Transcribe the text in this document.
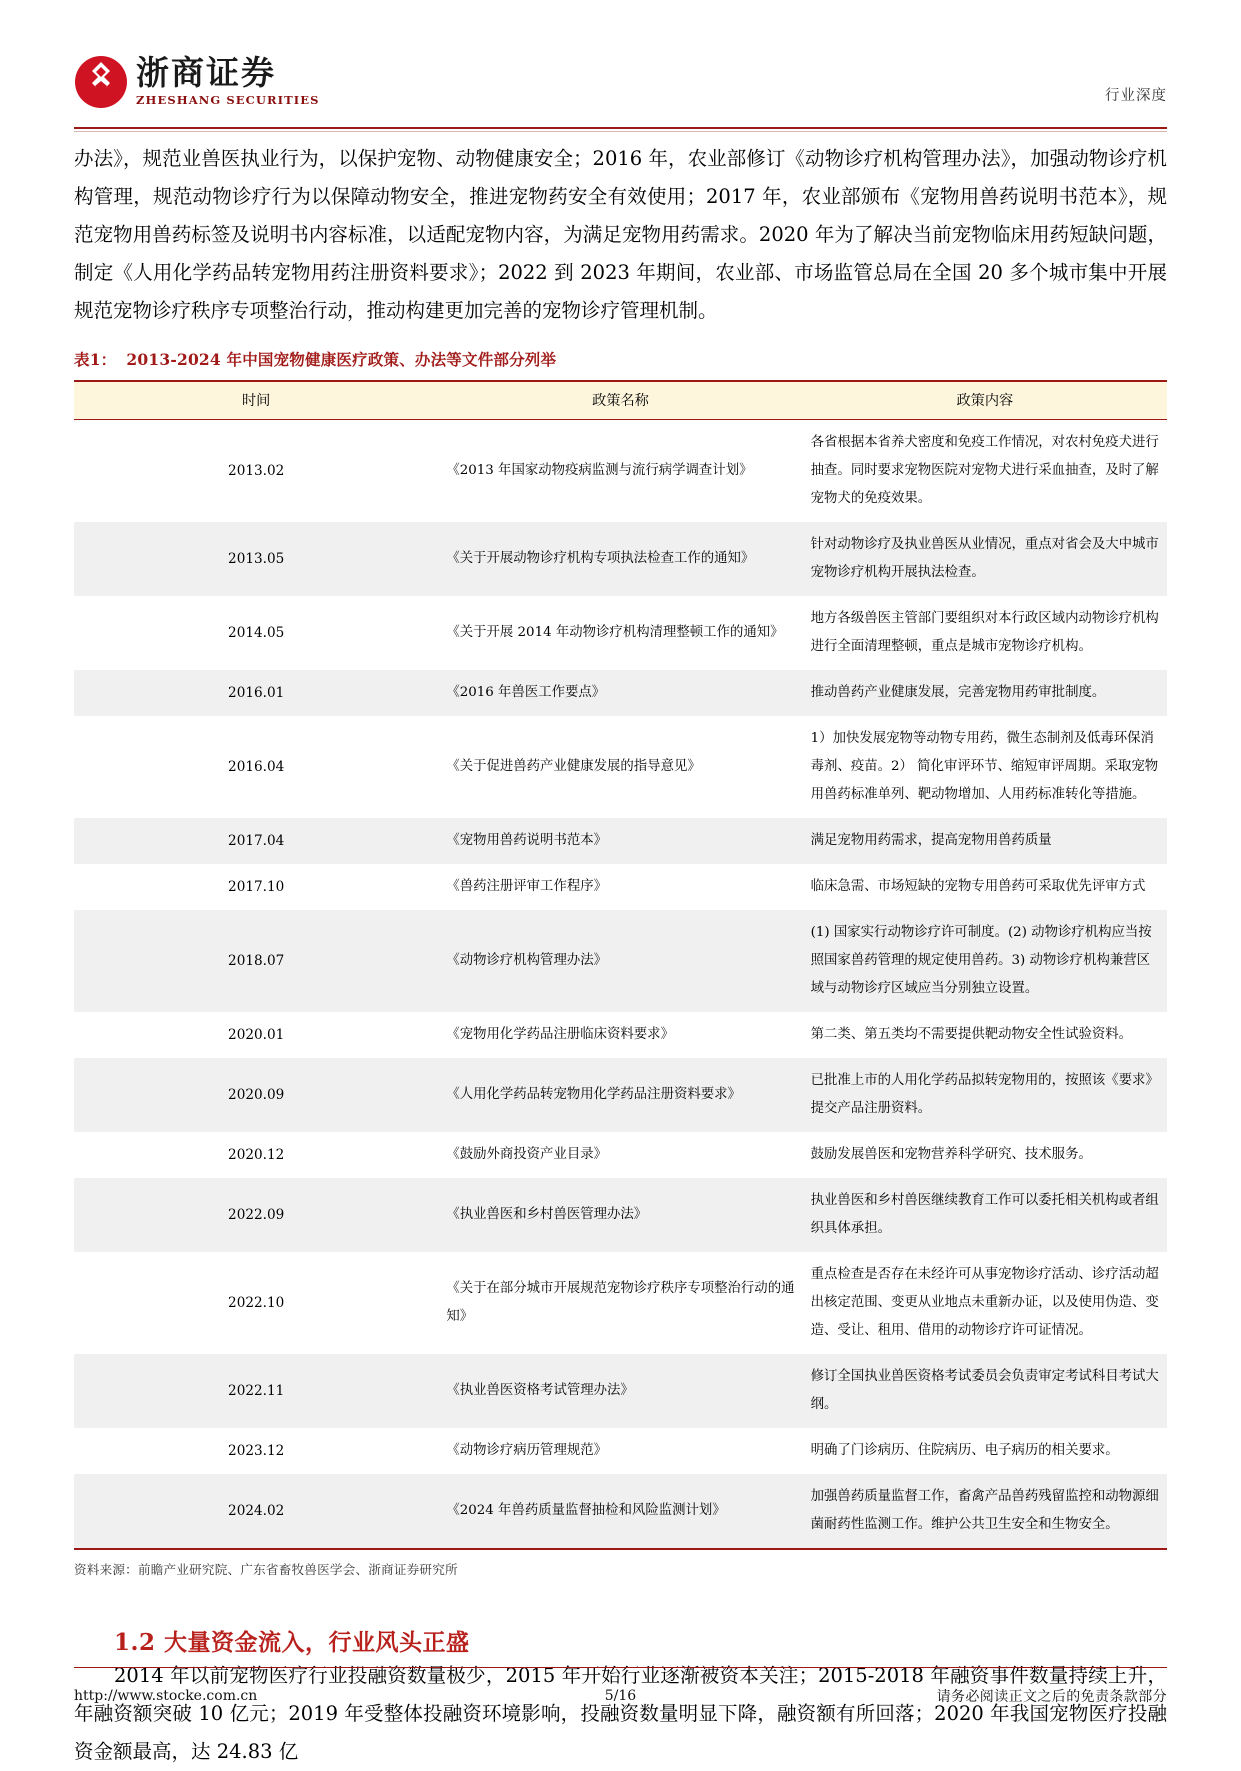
浙商证券
ZHESHANG SECURITIES	行业深度

办法》，规范业兽医执业行为，以保护宠物、动物健康安全；2016 年，农业部修订《动物诊疗机构管理办法》，加强动物诊疗机构管理，规范动物诊疗行为以保障动物安全，推进宠物药安全有效使用；2017 年，农业部颁布《宠物用兽药说明书范本》，规范宠物用兽药标签及说明书内容标准，以适配宠物内容，为满足宠物用药需求。2020 年为了解决当前宠物临床用药短缺问题，制定《人用化学药品转宠物用药注册资料要求》；2022 到 2023 年期间，农业部、市场监管总局在全国 20 多个城市集中开展规范宠物诊疗秩序专项整治行动，推动构建更加完善的宠物诊疗管理机制。

表1： 2013-2024 年中国宠物健康医疗政策、办法等文件部分列举
时间	政策名称	政策内容
2013.02	《2013 年国家动物疫病监测与流行病学调查计划》	各省根据本省养犬密度和免疫工作情况，对农村免疫犬进行抽查。同时要求宠物医院对宠物犬进行采血抽查，及时了解宠物犬的免疫效果。
2013.05	《关于开展动物诊疗机构专项执法检查工作的通知》	针对动物诊疗及执业兽医从业情况，重点对省会及大中城市宠物诊疗机构开展执法检查。
2014.05	《关于开展 2014 年动物诊疗机构清理整顿工作的通知》	地方各级兽医主管部门要组织对本行政区域内动物诊疗机构进行全面清理整顿，重点是城市宠物诊疗机构。
2016.01	《2016 年兽医工作要点》	推动兽药产业健康发展，完善宠物用药审批制度。
2016.04	《关于促进兽药产业健康发展的指导意见》	1）加快发展宠物等动物专用药，微生态制剂及低毒环保消毒剂、疫苗。2） 简化审评环节、缩短审评周期。采取宠物用兽药标准单列、靶动物增加、人用药标准转化等措施。
2017.04	《宠物用兽药说明书范本》	满足宠物用药需求，提高宠物用兽药质量
2017.10	《兽药注册评审工作程序》	临床急需、市场短缺的宠物专用兽药可采取优先评审方式
2018.07	《动物诊疗机构管理办法》	(1) 国家实行动物诊疗许可制度。(2) 动物诊疗机构应当按照国家兽药管理的规定使用兽药。3) 动物诊疗机构兼营区域与动物诊疗区域应当分别独立设置。
2020.01	《宠物用化学药品注册临床资料要求》	第二类、第五类均不需要提供靶动物安全性试验资料。
2020.09	《人用化学药品转宠物用化学药品注册资料要求》	已批准上市的人用化学药品拟转宠物用的，按照该《要求》提交产品注册资料。
2020.12	《鼓励外商投资产业目录》	鼓励发展兽医和宠物营养科学研究、技术服务。
2022.09	《执业兽医和乡村兽医管理办法》	执业兽医和乡村兽医继续教育工作可以委托相关机构或者组织具体承担。
2022.10	《关于在部分城市开展规范宠物诊疗秩序专项整治行动的通知》	重点检查是否存在未经许可从事宠物诊疗活动、诊疗活动超出核定范围、变更从业地点未重新办证，以及使用伪造、变造、受让、租用、借用的动物诊疗许可证情况。
2022.11	《执业兽医资格考试管理办法》	修订全国执业兽医资格考试委员会负责审定考试科目考试大纲。
2023.12	《动物诊疗病历管理规范》	明确了门诊病历、住院病历、电子病历的相关要求。
2024.02	《2024 年兽药质量监督抽检和风险监测计划》	加强兽药质量监督工作，畜禽产品兽药残留监控和动物源细菌耐药性监测工作。维护公共卫生安全和生物安全。
资料来源：前瞻产业研究院、广东省畜牧兽医学会、浙商证券研究所
1.2 大量资金流入，行业风头正盛

2014 年以前宠物医疗行业投融资数量极少，2015 年开始行业逐渐被资本关注；2015-2018 年融资事件数量持续上升，年融资额突破 10 亿元；2019 年受整体投融资环境影响，投融资数量明显下降，融资额有所回落；2020 年我国宠物医疗投融资金额最高，达 24.83 亿

http://www.stocke.com.cn	5/16	请务必阅读正文之后的免责条款部分
